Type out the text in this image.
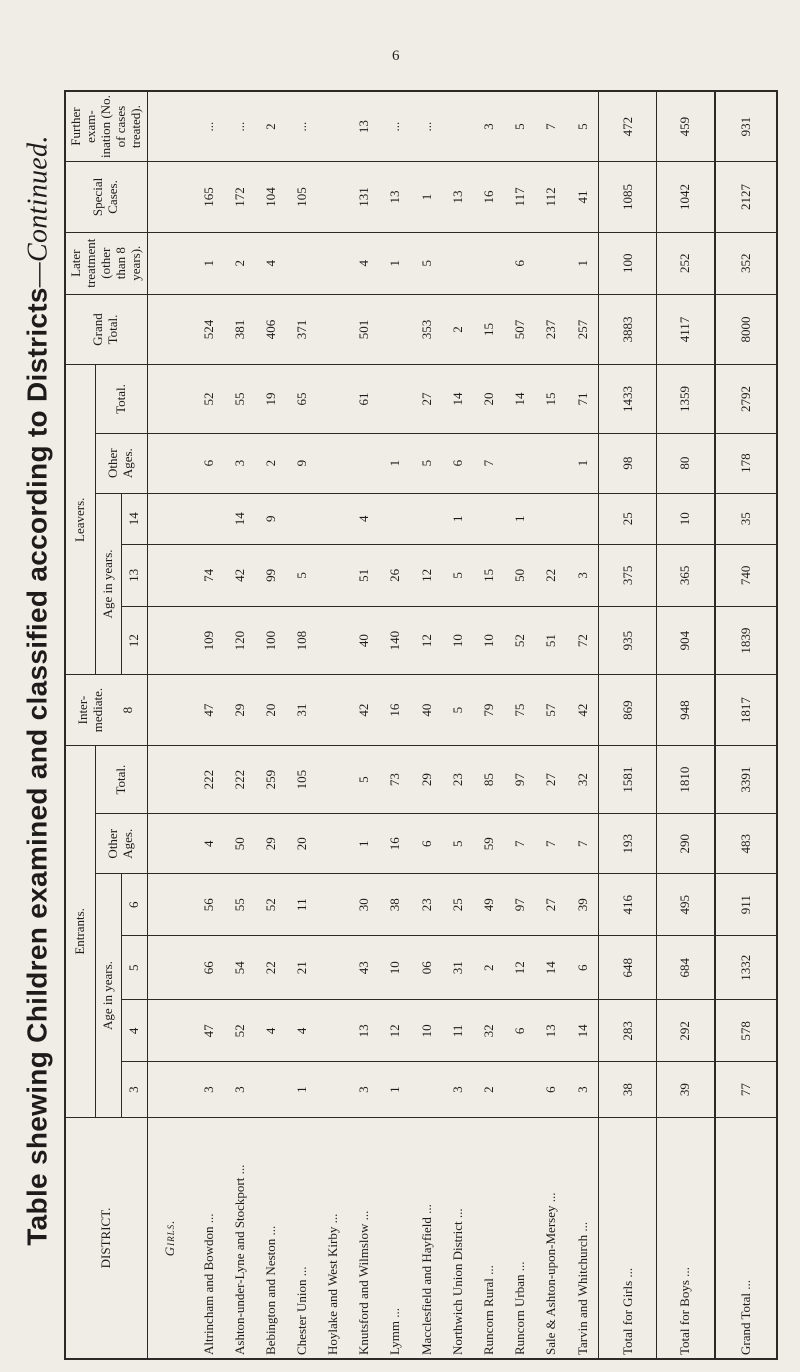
6
Table shewing Children examined and classified according to Districts—Continued.
DISTRICT.	Entrants.						Inter-mediate. 8	Leavers.					Grand Total.	Later treatment (other than 8 years).	Special Cases.	Further exam-ination (No. of cases treated).
	Age in years.				Other Ages.	Total.		Age in years.			Other Ages.	Total.				
	3	4	5	6				12	13	14						
Girls.																
Altrincham and Bowdon ...	3	47	66	56	4	222	47	109	74		6	52	524	1	165	...
Ashton-under-Lyne and Stockport ...	3	52	54	55	50	222	29	120	42	14	3	55	381	2	172	...
Bebington and Neston ...		4	22	52	29	259	20	100	99	9	2	19	406	4	104	2
Chester Union ...	1	4	21	11	20	105	31	108	5		9	65	371		105	...
Hoylake and West Kirby ...																
Knutsford and Wilmslow ...	3	13	43	30	1	5	42	40	51	4		61	501	4	131	13
Lymm ...	1	12	10	38	16	73	16	140	26		1			1	13	...
Macclesfield and Hayfield ...		10	06	23	6	29	40	12	12		5	27	353	5	1	...
Northwich Union District ...	3	11	31	25	5	23	5	10	5	1	6	14	2		13	
Runcorn Rural ...	2	32	2	49	59	85	79	10	15		7	20	15		16	3
Runcorn Urban ...		6	12	97	7	97	75	52	50	1		14	507	6	117	5
Sale & Ashton-upon-Mersey ...	6	13	14	27	7	27	57	51	22			15	237		112	7
Tarvin and Whitchurch ...	3	14	6	39	7	32	42	72	3		1	71	257	1	41	5
Total for Girls ...	38	283	648	416	193	1581	869	935	375	25	98	1433	3883	100	1085	472
Total for Boys ...	39	292	684	495	290	1810	948	904	365	10	80	1359	4117	252	1042	459
Grand Total ...	77	578	1332	911	483	3391	1817	1839	740	35	178	2792	8000	352	2127	931
